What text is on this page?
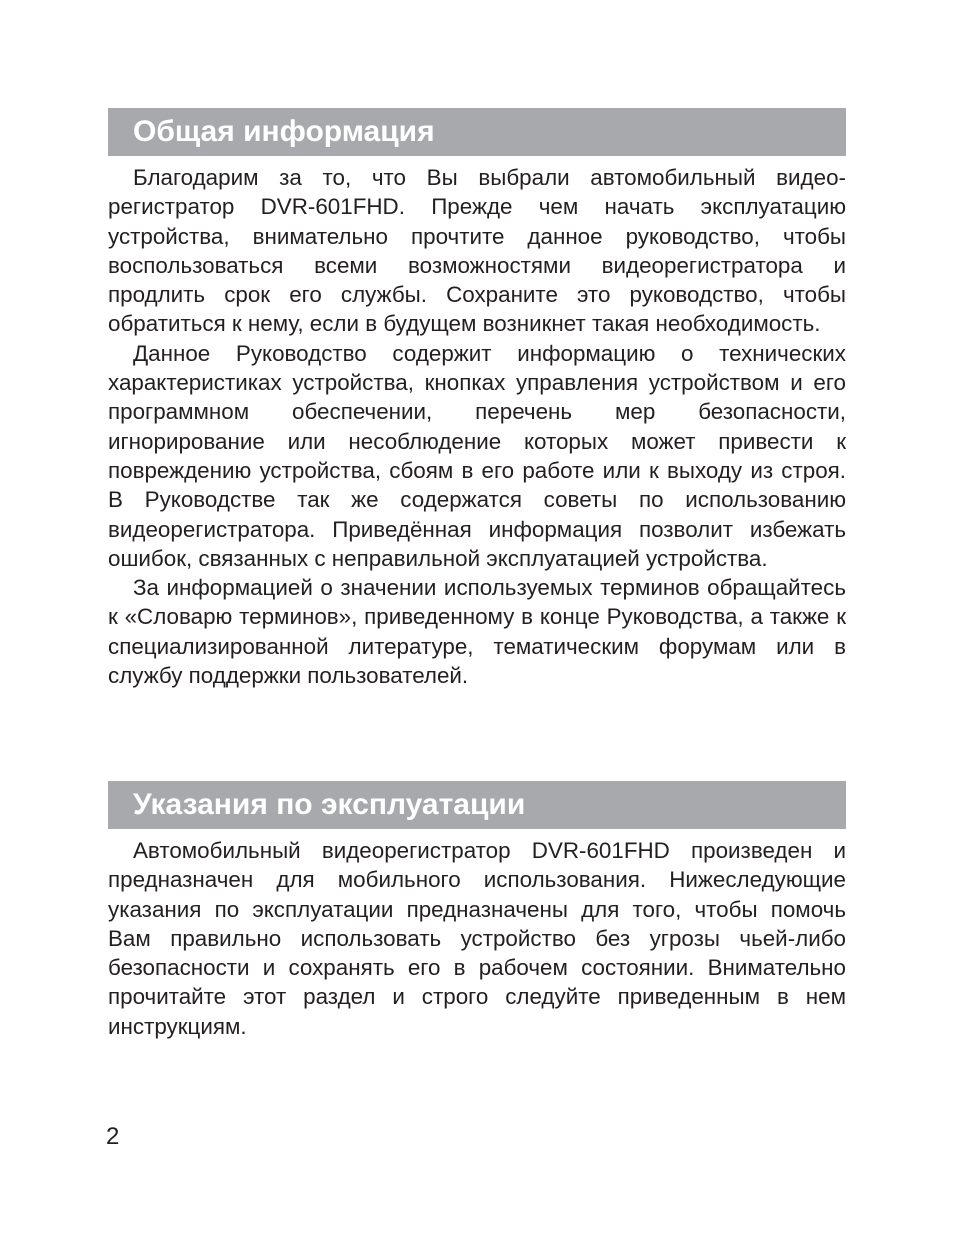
Общая информация

Благодарим за то, что Вы выбрали автомобильный видеорегистратор DVR-601FHD. Прежде чем начать эксплуатацию устройства, внимательно прочтите данное руководство, чтобы воспользоваться всеми возможностями видеорегистратора и продлить срок его службы. Сохраните это руководство, чтобы обратиться к нему, если в будущем возникнет такая необходимость.

Данное Руководство содержит информацию о технических характеристиках устройства, кнопках управления устройством и его программном обеспечении, перечень мер безопасности, игнорирование или несоблюдение которых может привести к повреждению устройства, сбоям в его работе или к выходу из строя. В Руководстве так же содержатся советы по использованию видеорегистратора. Приведённая информация позволит избежать ошибок, связанных с неправильной эксплуатацией устройства.

За информацией о значении используемых терминов обращайтесь к «Словарю терминов», приведенному в конце Руководства, а также к специализированной литературе, тематическим форумам или в службу поддержки пользователей.

Указания по эксплуатации

Автомобильный видеорегистратор DVR-601FHD произведен и предназначен для мобильного использования. Нижеследующие указания по эксплуатации предназначены для того, чтобы помочь Вам правильно использовать устройство без угрозы чьей-либо безопасности и сохранять его в рабочем состоянии. Внимательно прочитайте этот раздел и строго следуйте приведенным в нем инструкциям.

2
